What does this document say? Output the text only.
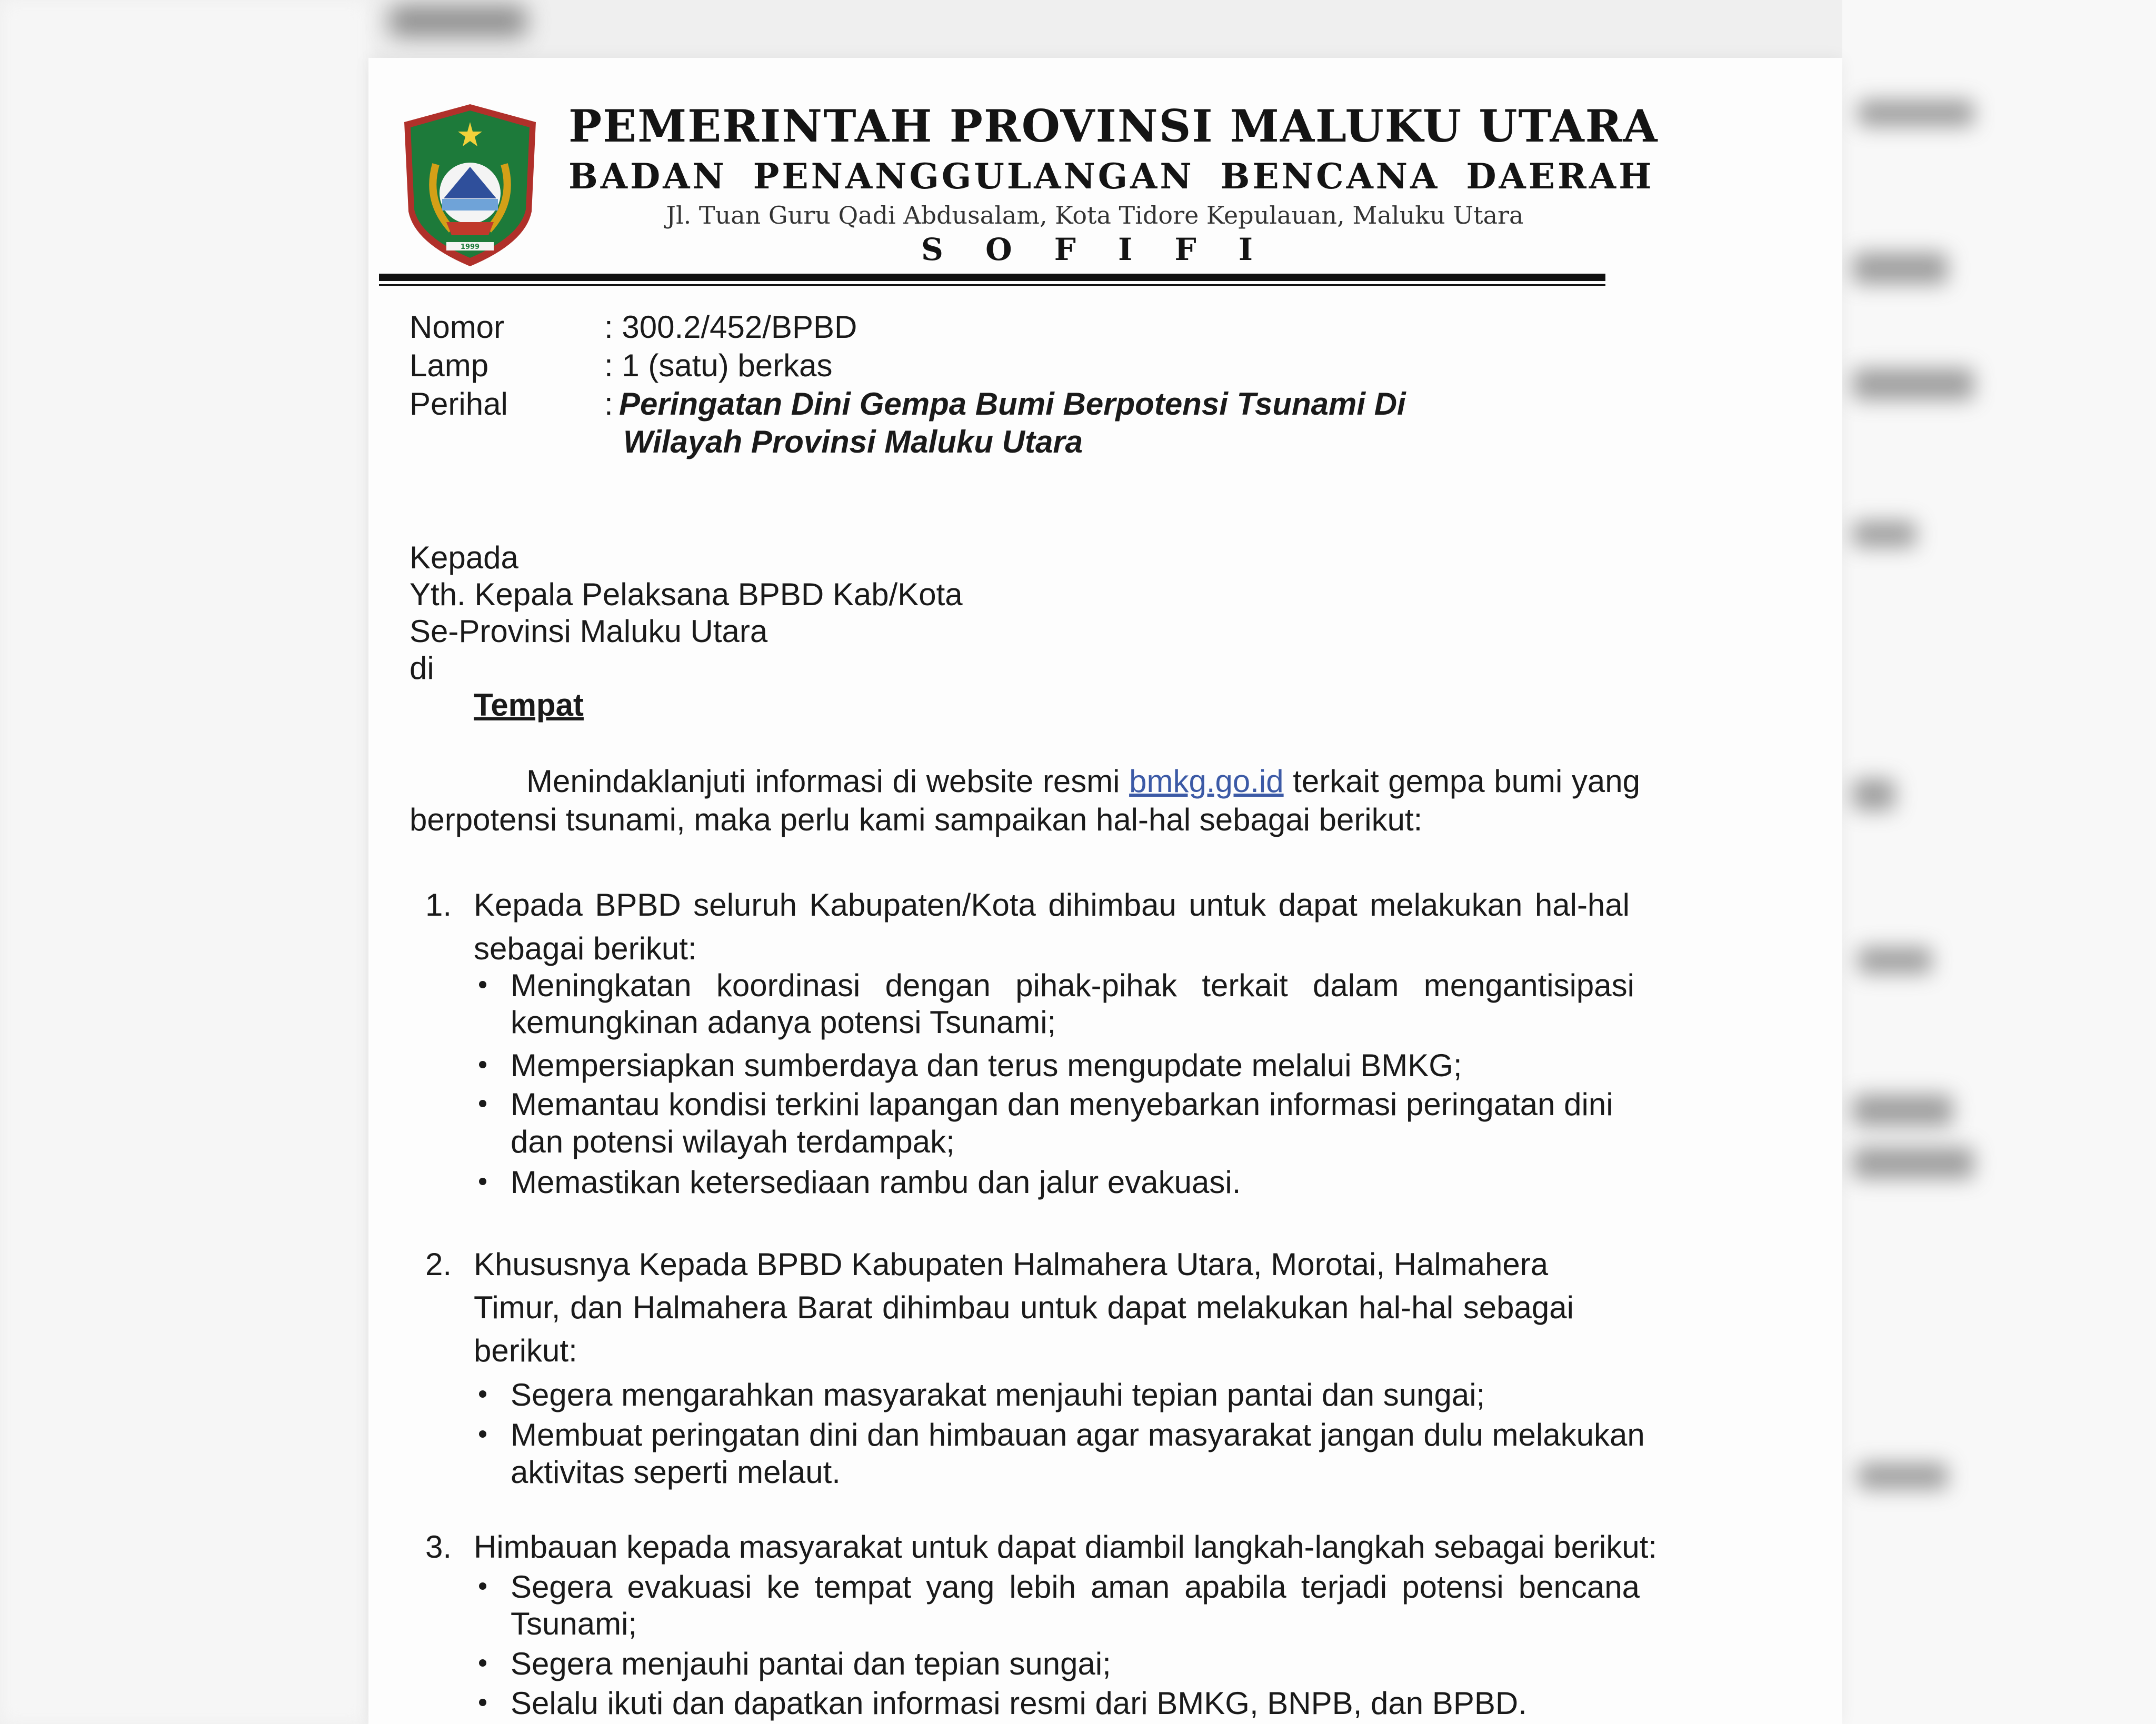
1999
PEMERINTAH PROVINSI MALUKU UTARA
BADAN PENANGGULANGAN BENCANA DAERAH
Jl. Tuan Guru Qadi Abdusalam, Kota Tidore Kepulauan, Maluku Utara
S O F I F I
Nomor	: 300.2/452/BPBD
Lamp	: 1 (satu) berkas
Perihal	: Peringatan Dini Gempa Bumi Berpotensi Tsunami Di
Wilayah Provinsi Maluku Utara
Kepada
Yth. Kepala Pelaksana BPBD Kab/Kota
Se-Provinsi Maluku Utara
di
Tempat
Menindaklanjuti informasi di website resmi bmkg.go.id terkait gempa bumi yang
berpotensi tsunami, maka perlu kami sampaikan hal-hal sebagai berikut:
1. Kepada BPBD seluruh Kabupaten/Kota dihimbau untuk dapat melakukan hal-hal
sebagai berikut:
Meningkatan koordinasi dengan pihak-pihak terkait dalam mengantisipasi
kemungkinan adanya potensi Tsunami;
Mempersiapkan sumberdaya dan terus mengupdate melalui BMKG;
Memantau kondisi terkini lapangan dan menyebarkan informasi peringatan dini
dan potensi wilayah terdampak;
Memastikan ketersediaan rambu dan jalur evakuasi.
2. Khususnya Kepada BPBD Kabupaten Halmahera Utara, Morotai, Halmahera
Timur, dan Halmahera Barat dihimbau untuk dapat melakukan hal-hal sebagai
berikut:
Segera mengarahkan masyarakat menjauhi tepian pantai dan sungai;
Membuat peringatan dini dan himbauan agar masyarakat jangan dulu melakukan
aktivitas seperti melaut.
3. Himbauan kepada masyarakat untuk dapat diambil langkah-langkah sebagai berikut:
Segera evakuasi ke tempat yang lebih aman apabila terjadi potensi bencana
Tsunami;
Segera menjauhi pantai dan tepian sungai;
Selalu ikuti dan dapatkan informasi resmi dari BMKG, BNPB, dan BPBD.
